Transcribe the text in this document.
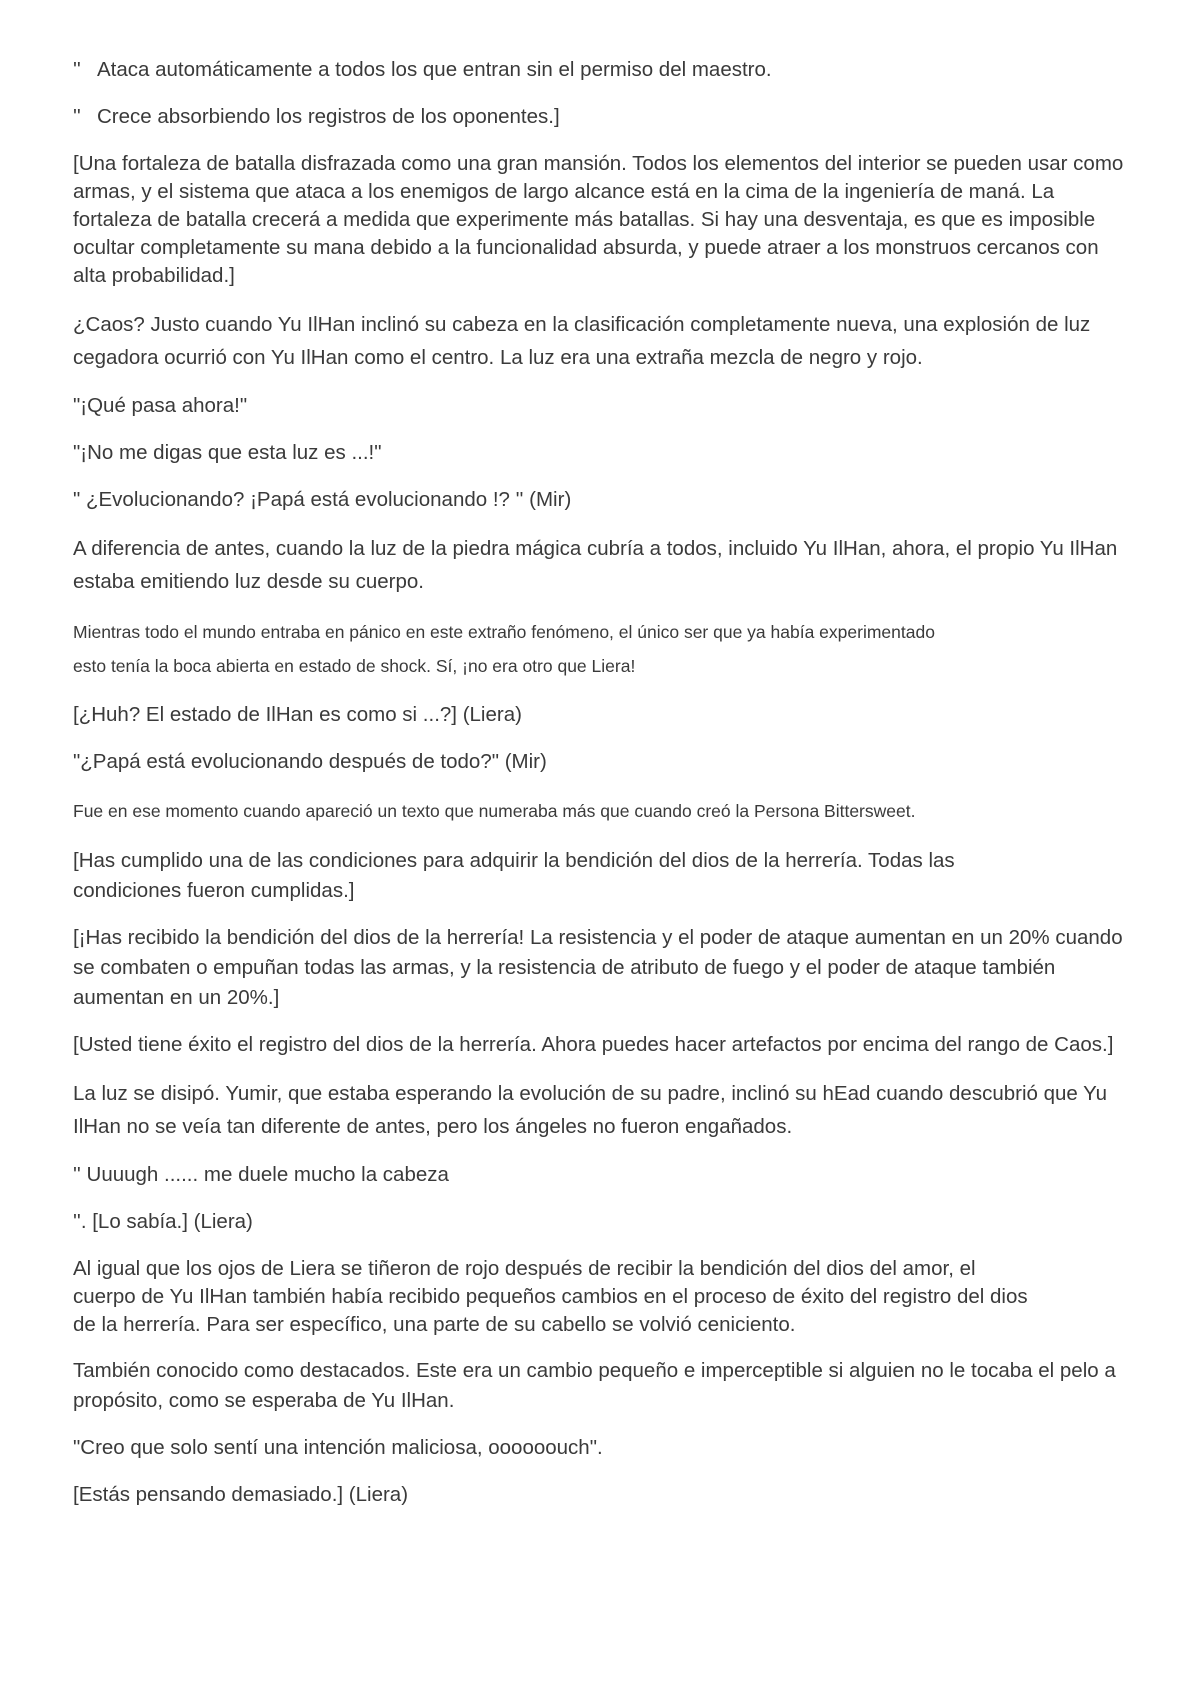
'' Ataca automáticamente a todos los que entran sin el permiso del maestro.

'' Crece absorbiendo los registros de los oponentes.]

[Una fortaleza de batalla disfrazada como una gran mansión. Todos los elementos del interior se pueden usar como armas, y el sistema que ataca a los enemigos de largo alcance está en la cima de la ingeniería de maná. La fortaleza de batalla crecerá a medida que experimente más batallas. Si hay una desventaja, es que es imposible ocultar completamente su mana debido a la funcionalidad absurda, y puede atraer a los monstruos cercanos con alta probabilidad.]

¿Caos? Justo cuando Yu IlHan inclinó su cabeza en la clasificación completamente nueva, una explosión de luz cegadora ocurrió con Yu IlHan como el centro. La luz era una extraña mezcla de negro y rojo.

"¡Qué pasa ahora!"

"¡No me digas que esta luz es ...!"

" ¿Evolucionando? ¡Papá está evolucionando !? '' (Mir)

A diferencia de antes, cuando la luz de la piedra mágica cubría a todos, incluido Yu IlHan, ahora, el propio Yu IlHan estaba emitiendo luz desde su cuerpo.

Mientras todo el mundo entraba en pánico en este extraño fenómeno, el único ser que ya había experimentado esto tenía la boca abierta en estado de shock. Sí, ¡no era otro que Liera!

[¿Huh? El estado de IlHan es como si ...?] (Liera)

"¿Papá está evolucionando después de todo?" (Mir)

Fue en ese momento cuando apareció un texto que numeraba más que cuando creó la Persona Bittersweet.

[Has cumplido una de las condiciones para adquirir la bendición del dios de la herrería. Todas las condiciones fueron cumplidas.]

[¡Has recibido la bendición del dios de la herrería! La resistencia y el poder de ataque aumentan en un 20% cuando se combaten o empuñan todas las armas, y la resistencia de atributo de fuego y el poder de ataque también aumentan en un 20%.]

[Usted tiene éxito el registro del dios de la herrería. Ahora puedes hacer artefactos por encima del rango de Caos.]

La luz se disipó. Yumir, que estaba esperando la evolución de su padre, inclinó su hEad cuando descubrió que Yu IlHan no se veía tan diferente de antes, pero los ángeles no fueron engañados.

'' Uuuugh ...... me duele mucho la cabeza

''. [Lo sabía.] (Liera)

Al igual que los ojos de Liera se tiñeron de rojo después de recibir la bendición del dios del amor, el cuerpo de Yu IlHan también había recibido pequeños cambios en el proceso de éxito del registro del dios de la herrería. Para ser específico, una parte de su cabello se volvió ceniciento.

También conocido como destacados. Este era un cambio pequeño e imperceptible si alguien no le tocaba el pelo a propósito, como se esperaba de Yu IlHan.

"Creo que solo sentí una intención maliciosa, oooooouch".

[Estás pensando demasiado.] (Liera)
